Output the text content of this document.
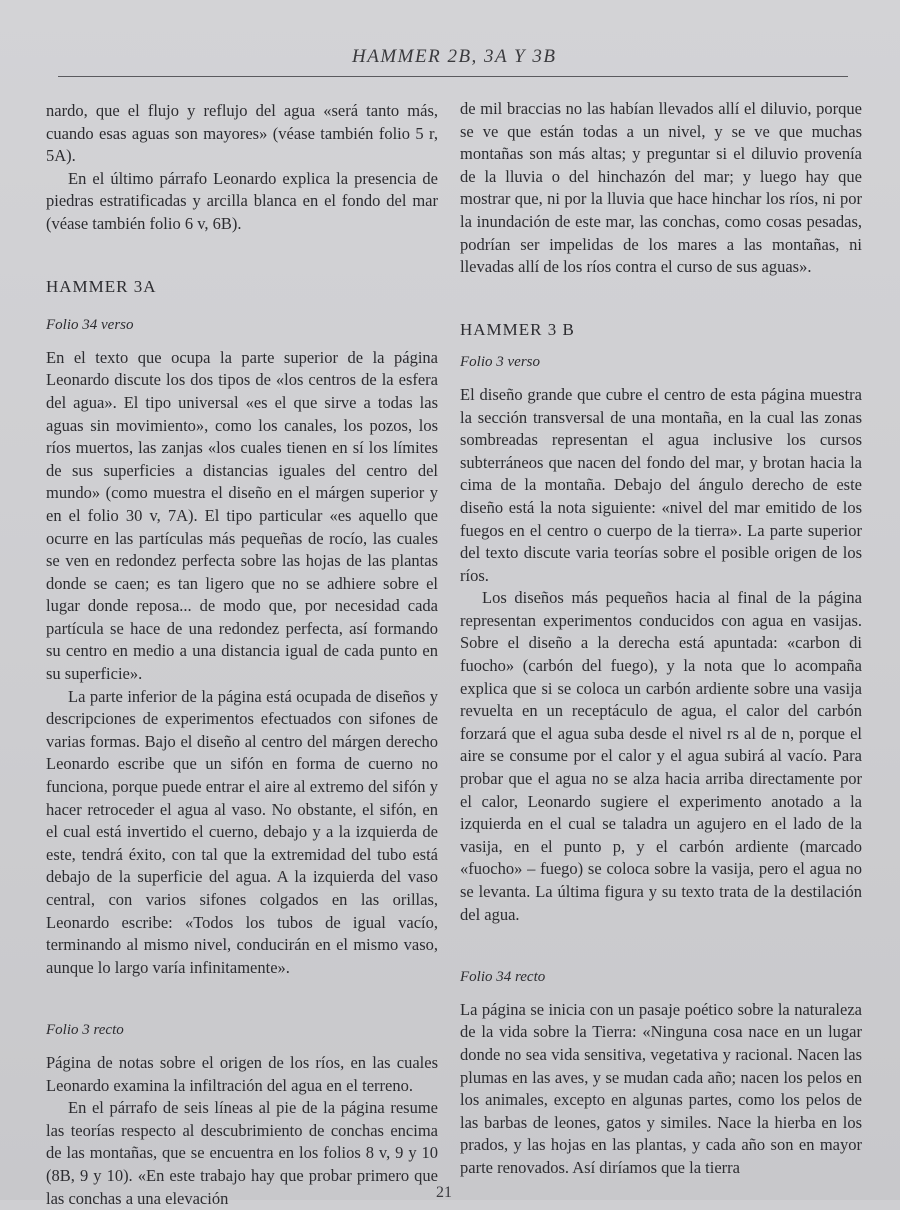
HAMMER 2B, 3A Y 3B

nardo, que el flujo y reflujo del agua «será tanto más, cuando esas aguas son mayores» (véase también folio 5 r, 5A).

En el último párrafo Leonardo explica la presencia de piedras estratificadas y arcilla blanca en el fondo del mar (véase también folio 6 v, 6B).

HAMMER 3A
Folio 34 verso

En el texto que ocupa la parte superior de la página Leonardo discute los dos tipos de «los centros de la esfera del agua». El tipo universal «es el que sirve a todas las aguas sin movimiento», como los canales, los pozos, los ríos muertos, las zanjas «los cuales tienen en sí los límites de sus superficies a distancias iguales del centro del mundo» (como muestra el diseño en el márgen superior y en el folio 30 v, 7A). El tipo particular «es aquello que ocurre en las partículas más pequeñas de rocío, las cuales se ven en redondez perfecta sobre las hojas de las plantas donde se caen; es tan ligero que no se adhiere sobre el lugar donde reposa... de modo que, por necesidad cada partícula se hace de una redondez perfecta, así formando su centro en medio a una distancia igual de cada punto en su superficie».

La parte inferior de la página está ocupada de diseños y descripciones de experimentos efectuados con sifones de varias formas. Bajo el diseño al centro del márgen derecho Leonardo escribe que un sifón en forma de cuerno no funciona, porque puede entrar el aire al extremo del sifón y hacer retroceder el agua al vaso. No obstante, el sifón, en el cual está invertido el cuerno, debajo y a la izquierda de este, tendrá éxito, con tal que la extremidad del tubo está debajo de la superficie del agua. A la izquierda del vaso central, con varios sifones colgados en las orillas, Leonardo escribe: «Todos los tubos de igual vacío, terminando al mismo nivel, conducirán en el mismo vaso, aunque lo largo varía infinitamente».

Folio 3 recto

Página de notas sobre el origen de los ríos, en las cuales Leonardo examina la infiltración del agua en el terreno.

En el párrafo de seis líneas al pie de la página resume las teorías respecto al descubrimiento de conchas encima de las montañas, que se encuentra en los folios 8 v, 9 y 10 (8B, 9 y 10). «En este trabajo hay que probar primero que las conchas a una elevación

de mil braccias no las habían llevados allí el diluvio, porque se ve que están todas a un nivel, y se ve que muchas montañas son más altas; y preguntar si el diluvio provenía de la lluvia o del hinchazón del mar; y luego hay que mostrar que, ni por la lluvia que hace hinchar los ríos, ni por la inundación de este mar, las conchas, como cosas pesadas, podrían ser impelidas de los mares a las montañas, ni llevadas allí de los ríos contra el curso de sus aguas».

HAMMER 3 B
Folio 3 verso

El diseño grande que cubre el centro de esta página muestra la sección transversal de una montaña, en la cual las zonas sombreadas representan el agua inclusive los cursos subterráneos que nacen del fondo del mar, y brotan hacia la cima de la montaña. Debajo del ángulo derecho de este diseño está la nota siguiente: «nivel del mar emitido de los fuegos en el centro o cuerpo de la tierra». La parte superior del texto discute varia teorías sobre el posible origen de los ríos.

Los diseños más pequeños hacia al final de la página representan experimentos conducidos con agua en vasijas. Sobre el diseño a la derecha está apuntada: «carbon di fuocho» (carbón del fuego), y la nota que lo acompaña explica que si se coloca un carbón ardiente sobre una vasija revuelta en un receptáculo de agua, el calor del carbón forzará que el agua suba desde el nivel rs al de n, porque el aire se consume por el calor y el agua subirá al vacío. Para probar que el agua no se alza hacia arriba directamente por el calor, Leonardo sugiere el experimento anotado a la izquierda en el cual se taladra un agujero en el lado de la vasija, en el punto p, y el carbón ardiente (marcado «fuocho» – fuego) se coloca sobre la vasija, pero el agua no se levanta. La última figura y su texto trata de la destilación del agua.

Folio 34 recto

La página se inicia con un pasaje poético sobre la naturaleza de la vida sobre la Tierra: «Ninguna cosa nace en un lugar donde no sea vida sensitiva, vegetativa y racional. Nacen las plumas en las aves, y se mudan cada año; nacen los pelos en los animales, excepto en algunas partes, como los pelos de las barbas de leones, gatos y similes. Nace la hierba en los prados, y las hojas en las plantas, y cada año son en mayor parte renovados. Así diríamos que la tierra

21
